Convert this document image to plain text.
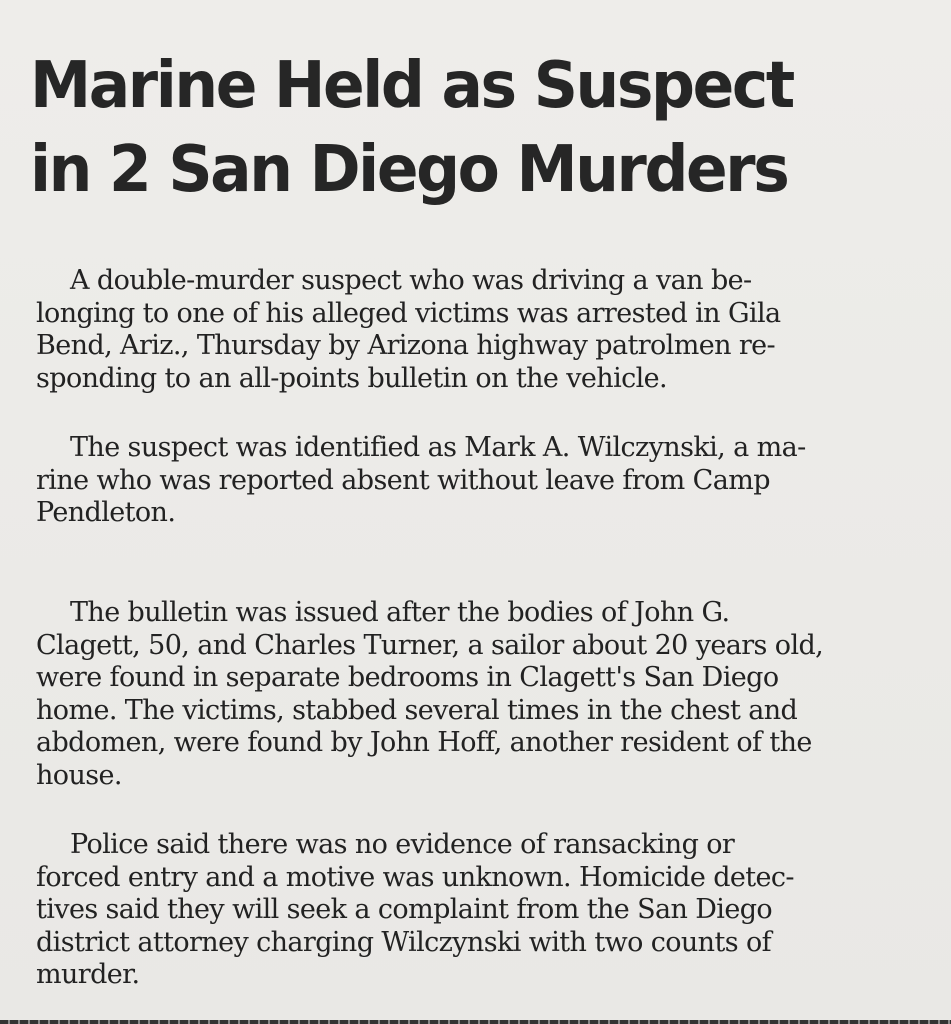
Marine Held as Suspect
in 2 San Diego Murders

A double-murder suspect who was driving a van be-
longing to one of his alleged victims was arrested in Gila
Bend, Ariz., Thursday by Arizona highway patrolmen re-
sponding to an all-points bulletin on the vehicle.

The suspect was identified as Mark A. Wilczynski, a ma-
rine who was reported absent without leave from Camp
Pendleton.

The bulletin was issued after the bodies of John G.
Clagett, 50, and Charles Turner, a sailor about 20 years old,
were found in separate bedrooms in Clagett's San Diego
home. The victims, stabbed several times in the chest and
abdomen, were found by John Hoff, another resident of the
house.

Police said there was no evidence of ransacking or
forced entry and a motive was unknown. Homicide detec-
tives said they will seek a complaint from the San Diego
district attorney charging Wilczynski with two counts of
murder.
